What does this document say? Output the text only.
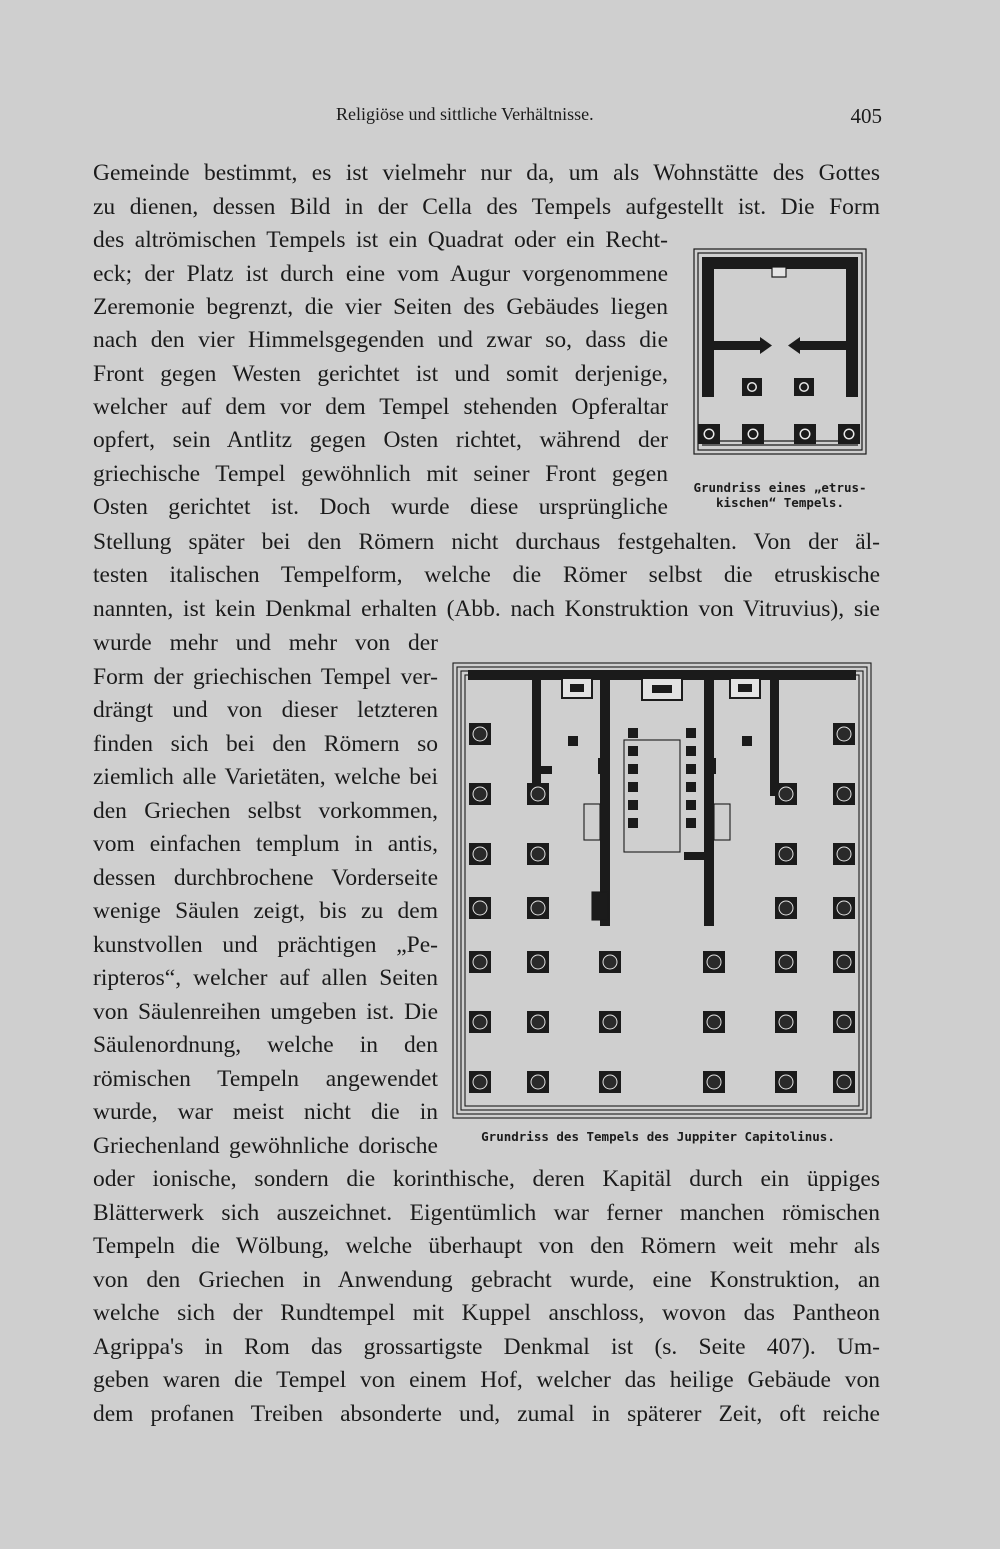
Religiöse und sittliche Verhältnisse.	405
Gemeinde bestimmt, es ist vielmehr nur da, um als Wohnstätte des Gottes
zu dienen, dessen Bild in der Cella des Tempels aufgestellt ist. Die Form
des altrömischen Tempels ist ein Quadrat oder ein Recht-
eck; der Platz ist durch eine vom Augur vorgenommene
Zeremonie begrenzt, die vier Seiten des Gebäudes liegen
nach den vier Himmelsgegenden und zwar so, dass die
Front gegen Westen gerichtet ist und somit derjenige,
welcher auf dem vor dem Tempel stehenden Opferaltar
opfert, sein Antlitz gegen Osten richtet, während der
griechische Tempel gewöhnlich mit seiner Front gegen
Osten gerichtet ist. Doch wurde diese ursprüngliche
Stellung später bei den Römern nicht durchaus festgehalten. Von der äl-
testen italischen Tempelform, welche die Römer selbst die etruskische
nannten, ist kein Denkmal erhalten (Abb. nach Konstruktion von Vitruvius), sie
wurde mehr und mehr von der
Form der griechischen Tempel ver-
drängt und von dieser letzteren
finden sich bei den Römern so
ziemlich alle Varietäten, welche bei
den Griechen selbst vorkommen,
vom einfachen templum in antis,
dessen durchbrochene Vorderseite
wenige Säulen zeigt, bis zu dem
kunstvollen und prächtigen „Pe-
ripteros“, welcher auf allen Seiten
von Säulenreihen umgeben ist. Die
Säulenordnung, welche in den
römischen Tempeln angewendet
wurde, war meist nicht die in
Griechenland gewöhnliche dorische
oder ionische, sondern die korinthische, deren Kapitäl durch ein üppiges
Blätterwerk sich auszeichnet. Eigentümlich war ferner manchen römischen
Tempeln die Wölbung, welche überhaupt von den Römern weit mehr als
von den Griechen in Anwendung gebracht wurde, eine Konstruktion, an
welche sich der Rundtempel mit Kuppel anschloss, wovon das Pantheon
Agrippa's in Rom das grossartigste Denkmal ist (s. Seite 407). Um-
geben waren die Tempel von einem Hof, welcher das heilige Gebäude von
dem profanen Treiben absonderte und, zumal in späterer Zeit, oft reiche
Grundriss eines „etrus-
kischen“ Tempels.
Grundriss des Tempels des Juppiter Capitolinus.
